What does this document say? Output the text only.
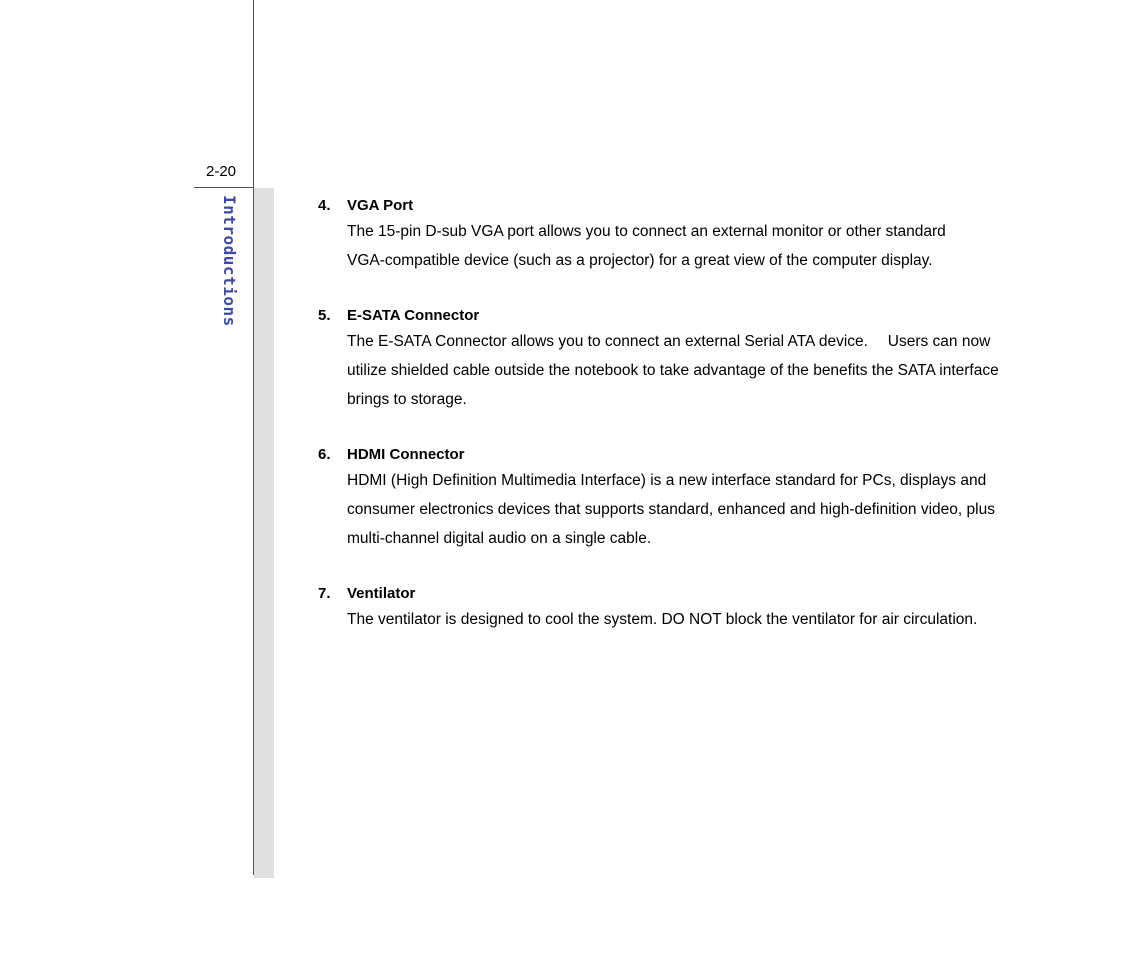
2-20
Introductions	4.	VGA Port
The 15-pin D-sub VGA port allows you to connect an external monitor or other standard
VGA-compatible device (such as a projector) for a great view of the computer display.
5.	E-SATA Connector
The E-SATA Connector allows you to connect an external Serial ATA device.  Users can now
utilize shielded cable outside the notebook to take advantage of the benefits the SATA interface
brings to storage.
6.	HDMI Connector
HDMI (High Definition Multimedia Interface) is a new interface standard for PCs, displays and
consumer electronics devices that supports standard, enhanced and high-definition video, plus
multi-channel digital audio on a single cable.
7.	Ventilator
The ventilator is designed to cool the system. DO NOT block the ventilator for air circulation.
